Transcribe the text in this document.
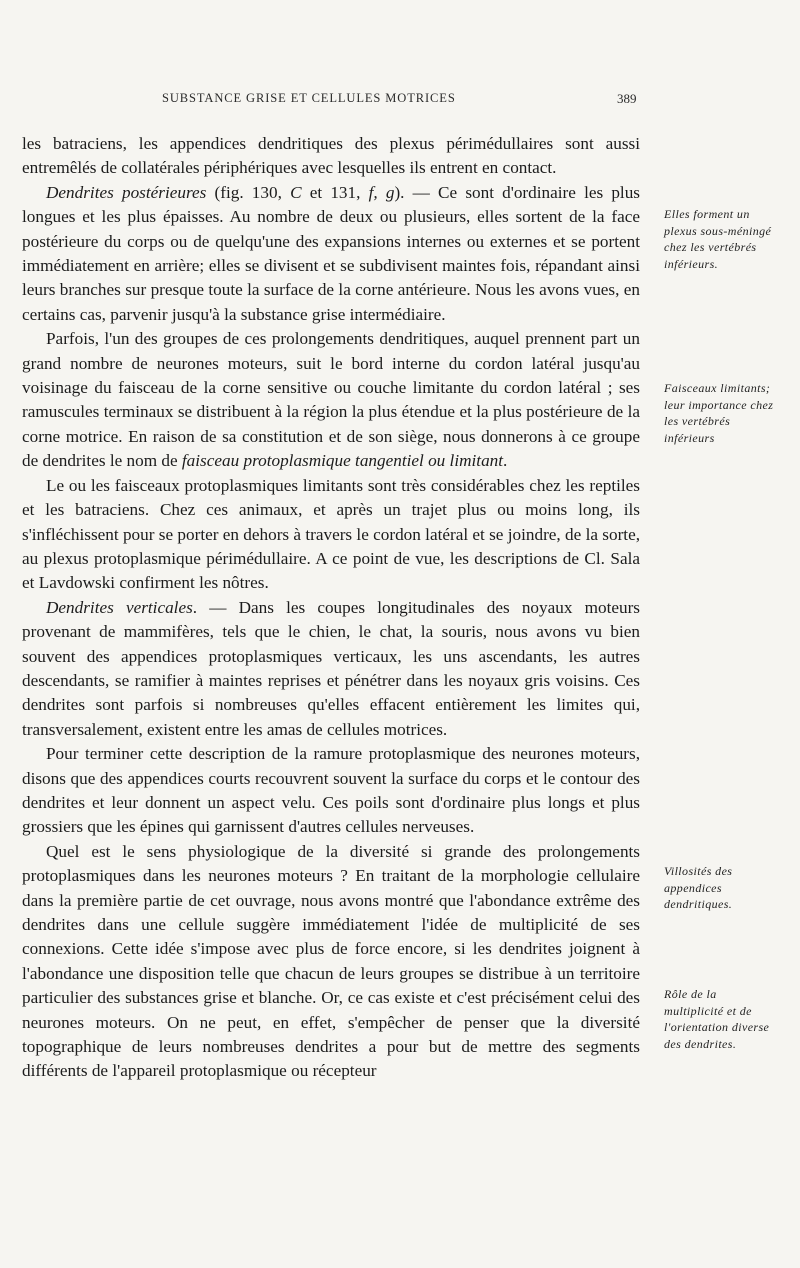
SUBSTANCE GRISE ET CELLULES MOTRICES	389

les batraciens, les appendices dendritiques des plexus périmédullaires sont aussi entremêlés de collatérales périphériques avec lesquelles ils entrent en contact.

Dendrites postérieures (fig. 130, C et 131, f, g). — Ce sont d'ordinaire les plus longues et les plus épaisses. Au nombre de deux ou plusieurs, elles sortent de la face postérieure du corps ou de quelqu'une des expansions internes ou externes et se portent immédiatement en arrière; elles se divisent et se subdivisent maintes fois, répandant ainsi leurs branches sur presque toute la surface de la corne antérieure. Nous les avons vues, en certains cas, parvenir jusqu'à la substance grise intermédiaire.

Parfois, l'un des groupes de ces prolongements dendritiques, auquel prennent part un grand nombre de neurones moteurs, suit le bord interne du cordon latéral jusqu'au voisinage du faisceau de la corne sensitive ou couche limitante du cordon latéral ; ses ramuscules terminaux se distribuent à la région la plus étendue et la plus postérieure de la corne motrice. En raison de sa constitution et de son siège, nous donnerons à ce groupe de dendrites le nom de faisceau protoplasmique tangentiel ou limitant.

Le ou les faisceaux protoplasmiques limitants sont très considérables chez les reptiles et les batraciens. Chez ces animaux, et après un trajet plus ou moins long, ils s'infléchissent pour se porter en dehors à travers le cordon latéral et se joindre, de la sorte, au plexus protoplasmique périmédullaire. A ce point de vue, les descriptions de Cl. Sala et Lavdowski confirment les nôtres.

Dendrites verticales. — Dans les coupes longitudinales des noyaux moteurs provenant de mammifères, tels que le chien, le chat, la souris, nous avons vu bien souvent des appendices protoplasmiques verticaux, les uns ascendants, les autres descendants, se ramifier à maintes reprises et pénétrer dans les noyaux gris voisins. Ces dendrites sont parfois si nombreuses qu'elles effacent entièrement les limites qui, transversalement, existent entre les amas de cellules motrices.

Pour terminer cette description de la ramure protoplasmique des neurones moteurs, disons que des appendices courts recouvrent souvent la surface du corps et le contour des dendrites et leur donnent un aspect velu. Ces poils sont d'ordinaire plus longs et plus grossiers que les épines qui garnissent d'autres cellules nerveuses.

Quel est le sens physiologique de la diversité si grande des prolongements protoplasmiques dans les neurones moteurs ? En traitant de la morphologie cellulaire dans la première partie de cet ouvrage, nous avons montré que l'abondance extrême des dendrites dans une cellule suggère immédiatement l'idée de multiplicité de ses connexions. Cette idée s'impose avec plus de force encore, si les dendrites joignent à l'abondance une disposition telle que chacun de leurs groupes se distribue à un territoire particulier des substances grise et blanche. Or, ce cas existe et c'est précisément celui des neurones moteurs. On ne peut, en effet, s'empêcher de penser que la diversité topographique de leurs nombreuses dendrites a pour but de mettre des segments différents de l'appareil protoplasmique ou récepteur

Elles forment un plexus sous-méningé chez les vertébrés inférieurs.
Faisceaux limitants; leur importance chez les vertébrés inférieurs
Villosités des appendices dendritiques.
Rôle de la multiplicité et de l'orientation diverse des dendrites.
